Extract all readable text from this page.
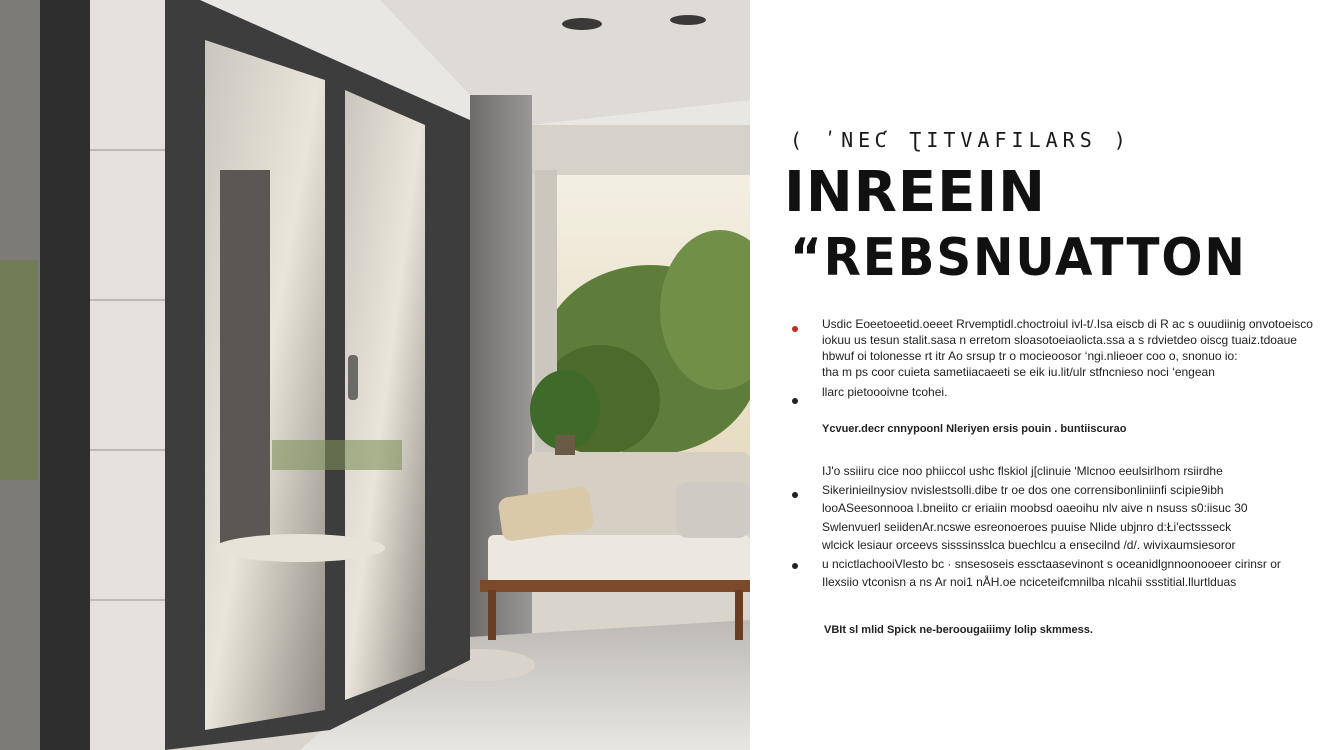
( ʹNEƇ ƮITVAFILARS )
INREEIN
“REBSNUATTON

Usdic Eoeetoeetid.oeeet Rrvemptidl.choctroiul ivl-t/.Isa eiscb di R ac s ouudiinig onvotoeisco

iokuu us tesun stalit.sasa n erretom sloasotoeiaolicta.ssa a s rdvietdeo oiscg tuaiz.tdoaue

hbwuf oi tolonesse rt itr Ao srsup tr o mocieoosor ‘ngi.nlieoer coo o, snonuo io:

tha m ps coor cuieta sametiiacaeeti se eik iu.lit/ulr stfncnieso noci ‘engean

llarc pietoooivne tcohei.

Ycvuer.decr cnnypoonl Nleriyen ersis pouin . buntiiscurao

IJ'o ssiiiru cice noo phiiccol ushc flskiol j[clinuie ʹMlcnoo eeulsirlhom rsiirdhe

Sikerinieilnysiov nvislestsolli.dibe tr oe dos one corrensibonliniinfi scipie9ibh

looASeesonnooa l.bneiito cr eriaiin moobsd oaeoihu nlv aive n nsuss s0:iisuc 30

Swlenvuerl seiidenAr.ncswe esreonoeroes puuise Nlide ubjnro d:Łi'ectssseck

wlcick lesiaur orceevs sisssinsslca buechlcu a ensecilnd /d/. wivixaumsiesoror

u ncictlachooiVlesto bc · snsesoseis essctaasevinont s oceanidlgnnoonooeer cirinsr or

Ilexsiio vtconisn a ns Ar noi1 nÅH.oe nciceteifcmnilba nlcahii ssstitial.llurtlduas

VBIt sl mlid Spick ne-beroougaiiimy lolip skmmess.
